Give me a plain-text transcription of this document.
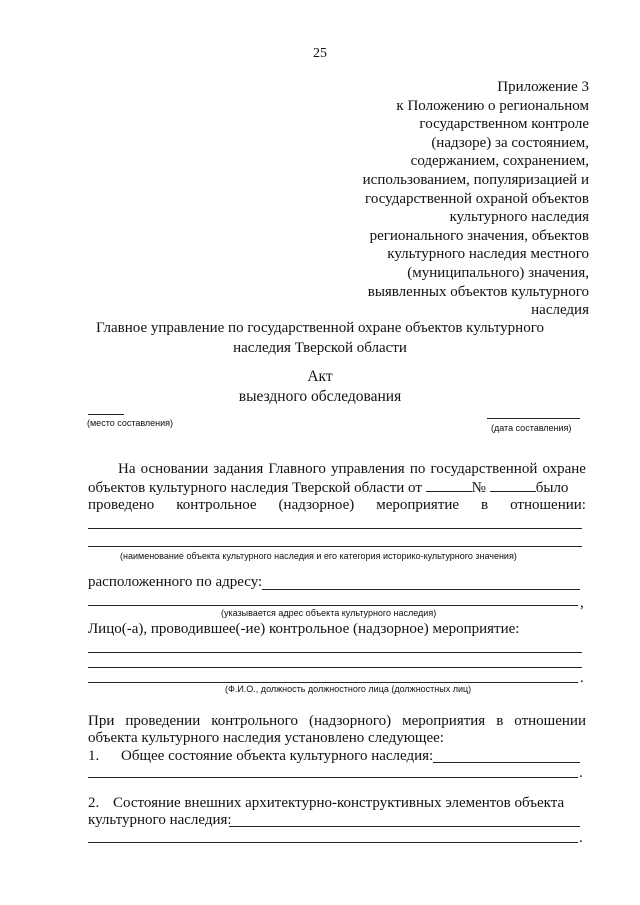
25
Приложение 3
к Положению о региональном
государственном контроле
(надзоре) за состоянием,
содержанием, сохранением,
использованием, популяризацией и
государственной охраной объектов
культурного наследия
регионального значения, объектов
культурного наследия местного
(муниципального) значения,
выявленных объектов культурного
наследия
Главное управление по государственной охране объектов культурного
наследия Тверской области
Акт
выездного обследования
(место составления)	(дата составления)
На основании задания Главного управления по государственной охране
объектов культурного наследия Тверской области от	№	было
проведено контрольное (надзорное) мероприятие в отношении:
(наименование объекта культурного наследия и его категория историко-культурного значения)
расположенного по адресу:
,
(указывается адрес объекта культурного наследия)
Лицо(-а), проводившее(-ие) контрольное (надзорное) мероприятие:
.
(Ф.И.О., должность должностного лица (должностных лиц)
При проведении контрольного (надзорного) мероприятия в отношении
объекта культурного наследия установлено следующее:
1. Общее состояние объекта культурного наследия:
.
2. Состояние внешних архитектурно-конструктивных элементов объекта
культурного наследия:
.
